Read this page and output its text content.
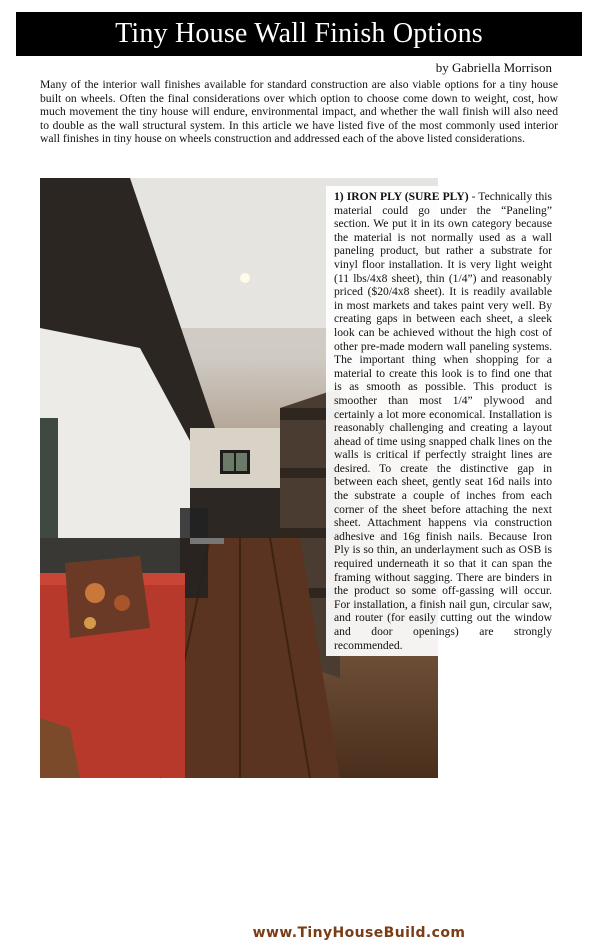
Tiny House Wall Finish Options
by Gabriella Morrison
Many of the interior wall finishes available for standard construction are also viable options for a tiny house built on wheels. Often the final considerations over which option to choose come down to weight, cost, how much movement the tiny house will endure, environmental impact, and whether the wall finish will also need to double as the wall structural system. In this article we have listed five of the most commonly used interior wall finishes in tiny house on wheels construction and addressed each of the above listed considerations.
www.TinyHouseBuild.com
1) IRON PLY (SURE PLY) - Technically this material could go under the “Paneling” section. We put it in its own category because the material is not normally used as a wall paneling product, but rather a substrate for vinyl floor installation. It is very light weight (11 lbs/4x8 sheet), thin (1/4”) and reasonably priced ($20/4x8 sheet). It is readily available in most markets and takes paint very well. By creating gaps in between each sheet, a sleek look can be achieved without the high cost of other pre-made modern wall paneling systems. The important thing when shopping for a material to create this look is to find one that is as smooth as possible. This product is smoother than most 1/4” plywood and certainly a lot more economical. Installation is reasonably challenging and creating a layout ahead of time using snapped chalk lines on the walls is critical if perfectly straight lines are desired. To create the distinctive gap in between each sheet, gently seat 16d nails into the substrate a couple of inches from each corner of the sheet before attaching the next sheet. Attachment happens via construction adhesive and 16g finish nails. Because Iron Ply is so thin, an underlayment such as OSB is required underneath it so that it can span the framing without sagging. There are binders in the product so some off-gassing will occur. For installation, a finish nail gun, circular saw, and router (for easily cutting out the window and door openings) are strongly recommended.
